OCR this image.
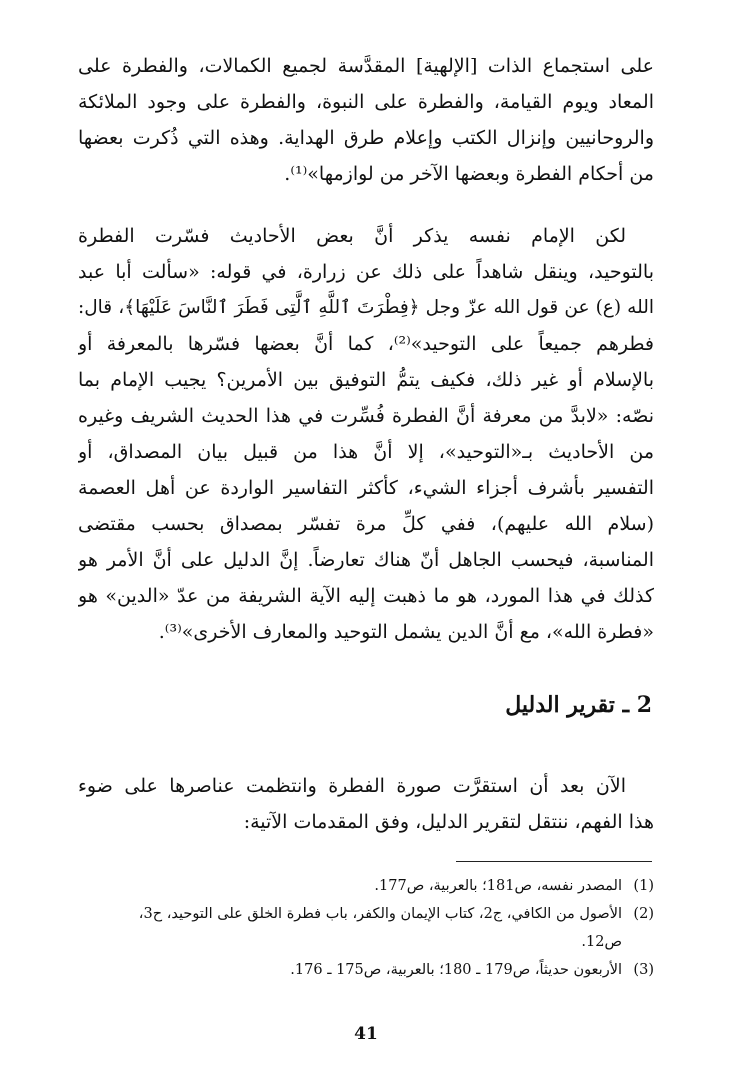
على استجماع الذات [الإلهية] المقدَّسة لجميع الكمالات، والفطرة على
المعاد ويوم القيامة، والفطرة على النبوة، والفطرة على وجود الملائكة
والروحانيين وإنزال الكتب وإعلام طرق الهداية. وهذه التي ذُكرت بعضها
من أحكام الفطرة وبعضها الآخر من لوازمها»⁽¹⁾.
لكن الإمام نفسه يذكر أنَّ بعض الأحاديث فسّرت الفطرة
بالتوحيد، وينقل شاهداً على ذلك عن زرارة، في قوله: «سألت أبا عبد
الله (ع) عن قول الله عزّ وجل ﴿فِطْرَتَ ٱللَّهِ ٱلَّتِى فَطَرَ ٱلنَّاسَ عَلَيْهَا﴾، قال:
فطرهم جميعاً على التوحيد»⁽²⁾، كما أنَّ بعضها فسّرها بالمعرفة أو
بالإسلام أو غير ذلك، فكيف يتمُّ التوفيق بين الأمرين؟ يجيب الإمام بما
نصّه: «لابدَّ من معرفة أنَّ الفطرة فُسِّرت في هذا الحديث الشريف وغيره
من الأحاديث بـ«التوحيد»، إلا أنَّ هذا من قبيل بيان المصداق، أو
التفسير بأشرف أجزاء الشيء، كأكثر التفاسير الواردة عن أهل العصمة
(سلام الله عليهم)، ففي كلِّ مرة تفسّر بمصداق بحسب مقتضى
المناسبة، فيحسب الجاهل أنّ هناك تعارضاً. إنَّ الدليل على أنَّ الأمر هو
كذلك في هذا المورد، هو ما ذهبت إليه الآية الشريفة من عدّ «الدين» هو
«فطرة الله»، مع أنَّ الدين يشمل التوحيد والمعارف الأخرى»⁽³⁾.
2 ـ تقرير الدليل
الآن بعد أن استقرَّت صورة الفطرة وانتظمت عناصرها على ضوء
هذا الفهم، ننتقل لتقرير الدليل، وفق المقدمات الآتية:
(1)
المصدر نفسه، ص181؛ بالعربية، ص177.
(2)
الأصول من الكافي، ج2، كتاب الإيمان والكفر، باب فطرة الخلق على التوحيد، ح3،
ص12.
(3)
الأربعون حديثاً، ص179 ـ 180؛ بالعربية، ص175 ـ 176.
41
